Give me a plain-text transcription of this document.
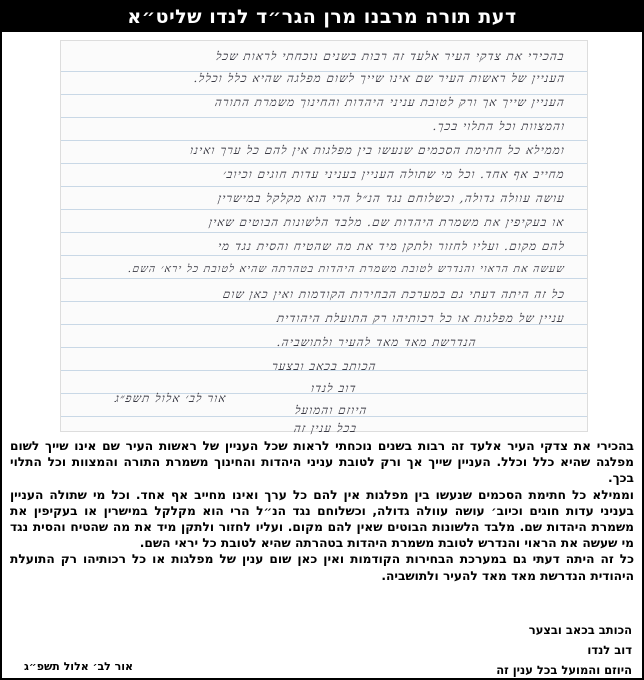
דעת תורה מרבנו מרן הגר״ד לנדו שליט״א
בהכירי את צדקי העיר אלעד זה רבות בשנים נוכחתי לראות שכל
העניין של ראשות העיר שם אינו שייך לשום מפלגה שהיא כלל וכלל.
העניין שייך אך ורק לטובת עניני היהדות והחינוך משמרת התורה
והמצוות וכל התלוי בכך.
וממילא כל חתימת הסכמים שנעשו בין מפלגות אין להם כל ערך ואינו
מחייב אף אחד. וכל מי שתולה העניין בעניני עדות חוגים וכיוב׳
עושה עוולה גדולה, וכשלוחם נגד הנ״ל הרי הוא מקלקל במישרין
או בעקיפין את משמרת היהדות שם. מלבד הלשונות הבוטים שאין
להם מקום. ועליו לחזור ולתקן מיד את מה שהטיח והסית נגד מי
שעשה את הראוי והנדרש לטובת משמרת היהדות בטהרתה שהיא לטובת כל ירא׳ השם.
כל זה היתה דעתי גם במערכת הבחירות הקודמות ואין כאן שום
עניין של מפלגות או כל רכותיהו רק התועלת היהודית
הנדרשת מאד מאד להעיר ולתושביה.
הכותב בכאב ובצער
דוב לנדו
היוזם והמועל
בכל ענין זה
אור לב׳ אלול תשפ״ג

בהכירי את צדקי העיר אלעד זה רבות בשנים נוכחתי לראות שכל העניין של ראשות העיר שם אינו שייך לשום מפלגה שהיא כלל וכלל. העניין שייך אך ורק לטובת עניני היהדות והחינוך משמרת התורה והמצוות וכל התלוי בכך.

וממילא כל חתימת הסכמים שנעשו בין מפלגות אין להם כל ערך ואינו מחייב אף אחד. וכל מי שתולה העניין בעניני עדות חוגים וכיוב׳ עושה עוולה גדולה, וכשלוחם נגד הנ״ל הרי הוא מקלקל במישרין או בעקיפין את משמרת היהדות שם. מלבד הלשונות הבוטים שאין להם מקום. ועליו לחזור ולתקן מיד את מה שהטיח והסית נגד מי שעשה את הראוי והנדרש לטובת משמרת היהדות בטהרתה שהיא לטובת כל יראי השם.

כל זה היתה דעתי גם במערכת הבחירות הקודמות ואין כאן שום ענין של מפלגות או כל רכותיהו רק התועלת היהודית הנדרשת מאד מאד להעיר ולתושביה.

הכותב בכאב ובצער
דוב לנדו
היוזם והמועל בכל ענין זה
אור לב׳ אלול תשפ״ג
